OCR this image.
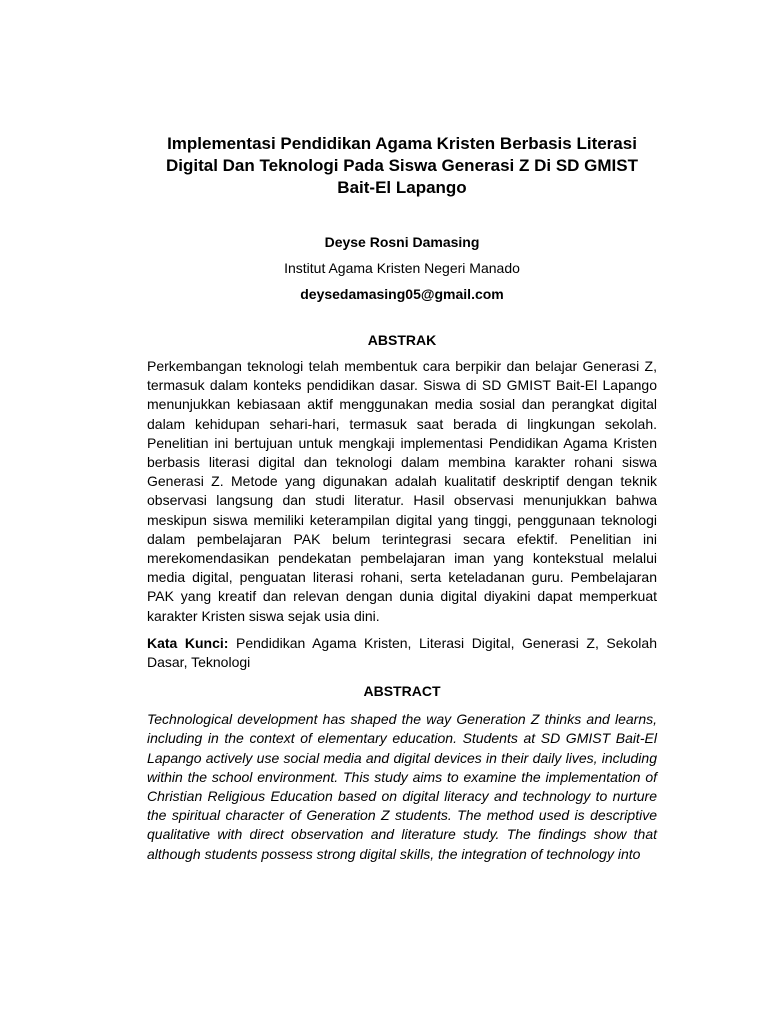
Implementasi Pendidikan Agama Kristen Berbasis Literasi Digital Dan Teknologi Pada Siswa Generasi Z Di SD GMIST Bait-El Lapango

Deyse Rosni Damasing

Institut Agama Kristen Negeri Manado

deysedamasing05@gmail.com

ABSTRAK

Perkembangan teknologi telah membentuk cara berpikir dan belajar Generasi Z, termasuk dalam konteks pendidikan dasar. Siswa di SD GMIST Bait-El Lapango menunjukkan kebiasaan aktif menggunakan media sosial dan perangkat digital dalam kehidupan sehari-hari, termasuk saat berada di lingkungan sekolah. Penelitian ini bertujuan untuk mengkaji implementasi Pendidikan Agama Kristen berbasis literasi digital dan teknologi dalam membina karakter rohani siswa Generasi Z. Metode yang digunakan adalah kualitatif deskriptif dengan teknik observasi langsung dan studi literatur. Hasil observasi menunjukkan bahwa meskipun siswa memiliki keterampilan digital yang tinggi, penggunaan teknologi dalam pembelajaran PAK belum terintegrasi secara efektif. Penelitian ini merekomendasikan pendekatan pembelajaran iman yang kontekstual melalui media digital, penguatan literasi rohani, serta keteladanan guru. Pembelajaran PAK yang kreatif dan relevan dengan dunia digital diyakini dapat memperkuat karakter Kristen siswa sejak usia dini.

Kata Kunci: Pendidikan Agama Kristen, Literasi Digital, Generasi Z, Sekolah Dasar, Teknologi

ABSTRACT

Technological development has shaped the way Generation Z thinks and learns, including in the context of elementary education. Students at SD GMIST Bait-El Lapango actively use social media and digital devices in their daily lives, including within the school environment. This study aims to examine the implementation of Christian Religious Education based on digital literacy and technology to nurture the spiritual character of Generation Z students. The method used is descriptive qualitative with direct observation and literature study. The findings show that although students possess strong digital skills, the integration of technology into
